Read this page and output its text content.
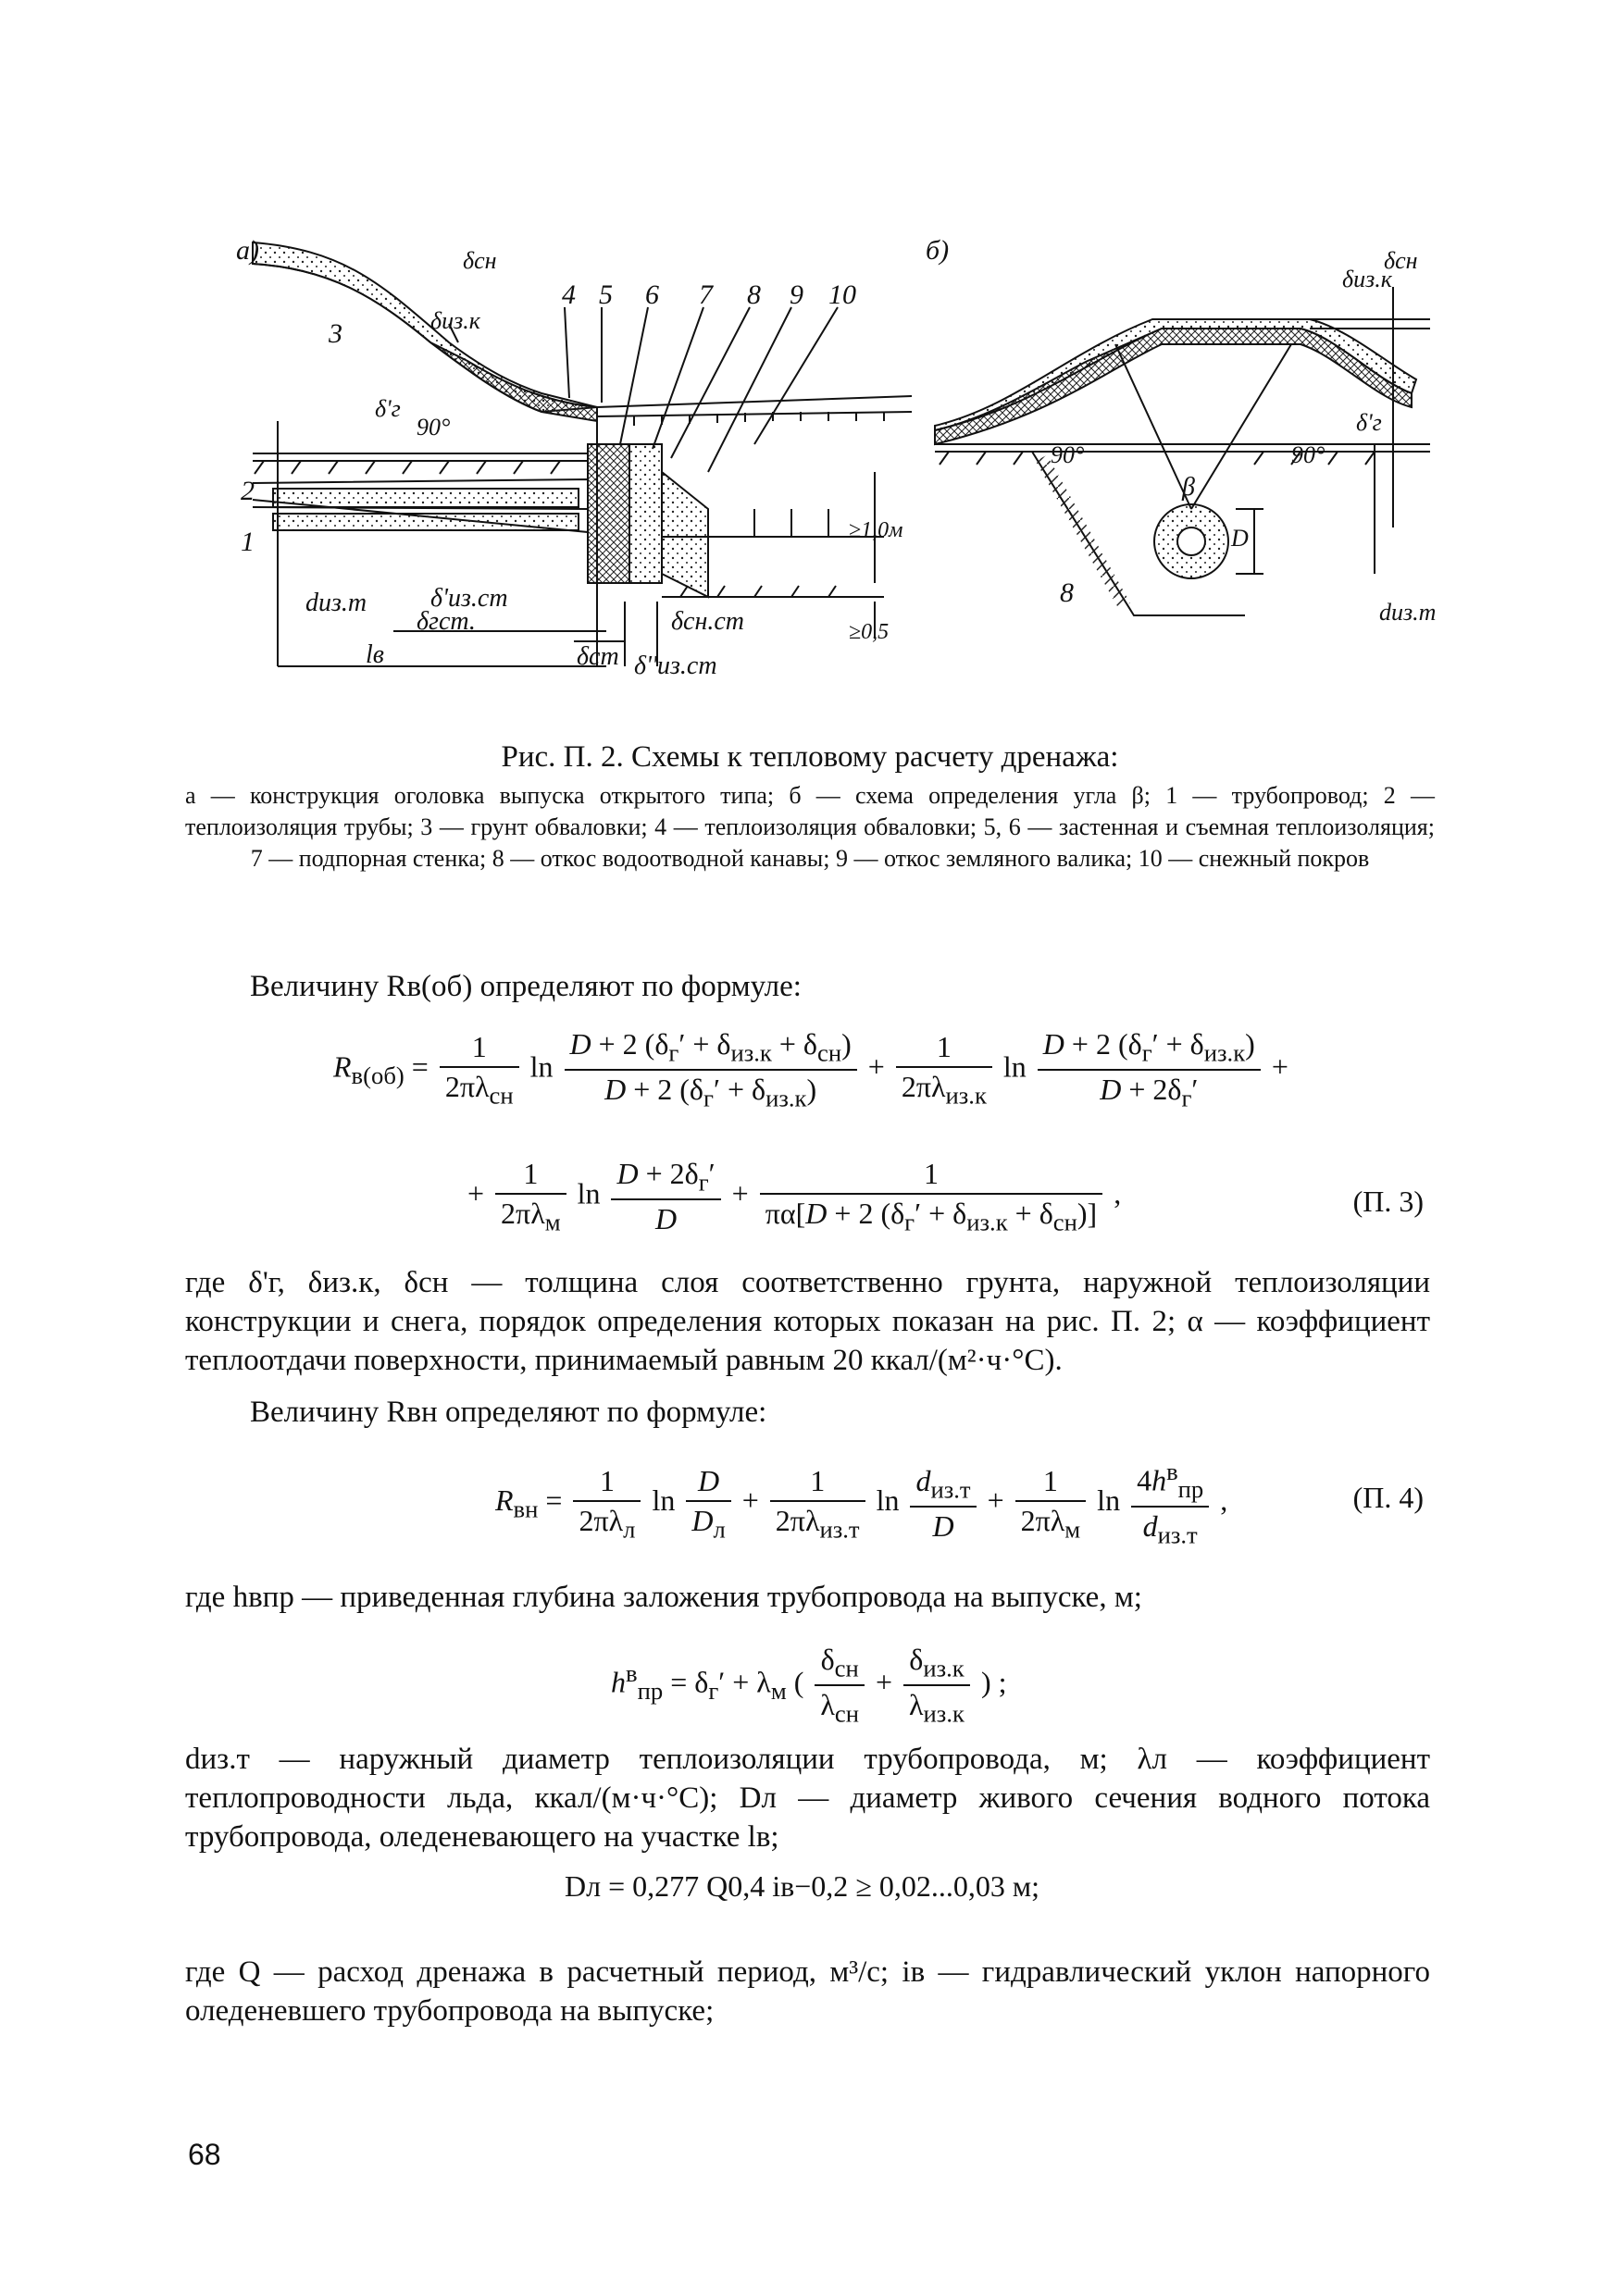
а)
3
4 5 6 7 8 9 10
2
1
δсн
δиз.к
δ'г
90°
≥1,0м
≥0,5
dиз.т δ'из.ст
δгст.	δсн.ст
lв	δст δ''из.ст
б)
δиз.к
δсн
90°	90°
δ'г
β
D
dиз.т
8
Рис. П. 2. Схемы к тепловому расчету дренажа:
а — конструкция оголовка выпуска открытого типа; б — схема определения угла β; 1 — трубопровод; 2 — теплоизоляция трубы; 3 — грунт обваловки; 4 — теплоизоляция обваловки; 5, 6 — застенная и съемная теплоизоляция; 7 — подпорная стенка; 8 — откос водоотводной канавы; 9 — откос земляного валика; 10 — снежный покров
Величину Rв(об) определяют по формуле:
$R_{в(об)} = \frac{1}{2\pi\lambda_{сн}}$ $\ln \frac{D + 2 (\delta_г' + \delta_{из.к} + \delta_{сн})}{D + 2 (\delta_г' + \delta_{из.к})} + \frac{1}{2\pi\lambda_{из.к}}$ $\ln \frac{D + 2 (\delta_г' + \delta_{из.к})}{D + 2\delta_г'}$ +
+ $\frac{1}{2\pi\lambda_м}$ $\ln \frac{D + 2\delta_г'}{D} + \frac{1}{\pi\alpha[D + 2 (\delta_г' + \delta_{из.к} + \delta_{сн})]}$ ,	(П. 3)
где δ'г, δиз.к, δсн — толщина слоя соответственно грунта, наружной теплоизоляции конструкции и снега, порядок определения которых показан на рис. П. 2; α — коэффициент теплоотдачи поверхности, принимаемый равным 20 ккал/(м²·ч·°С).
Величину Rвн определяют по формуле:
$R_{вн} = \frac{1}{2\pi\lambda_л}$ $\ln \frac{D}{D_л} + \frac{1}{2\pi\lambda_{из.т}}$ $\ln \frac{d_{из.т}}{D} + \frac{1}{2\pi\lambda_м}$ $\ln \frac{4h^в_{пр}}{d_{из.т}}$ ,	(П. 4)
где hвпр — приведенная глубина заложения трубопровода на выпуске, м;
$h^в_{пр} = \delta_г' + \lambda_м$ ( $\frac{\delta_{сн}}{\lambda_{сн}} + \frac{\delta_{из.к}}{\lambda_{из.к}}$ ) ;
dиз.т — наружный диаметр теплоизоляции трубопровода, м; λл — коэффициент теплопроводности льда, ккал/(м·ч·°С); Dл — диаметр живого сечения водного потока трубопровода, оледеневающего на участке lв;
Dл = 0,277 Q0,4 iв−0,2 ≥ 0,02...0,03 м;
где Q — расход дренажа в расчетный период, м³/с; iв — гидравлический уклон напорного оледеневшего трубопровода на выпуске;
68
